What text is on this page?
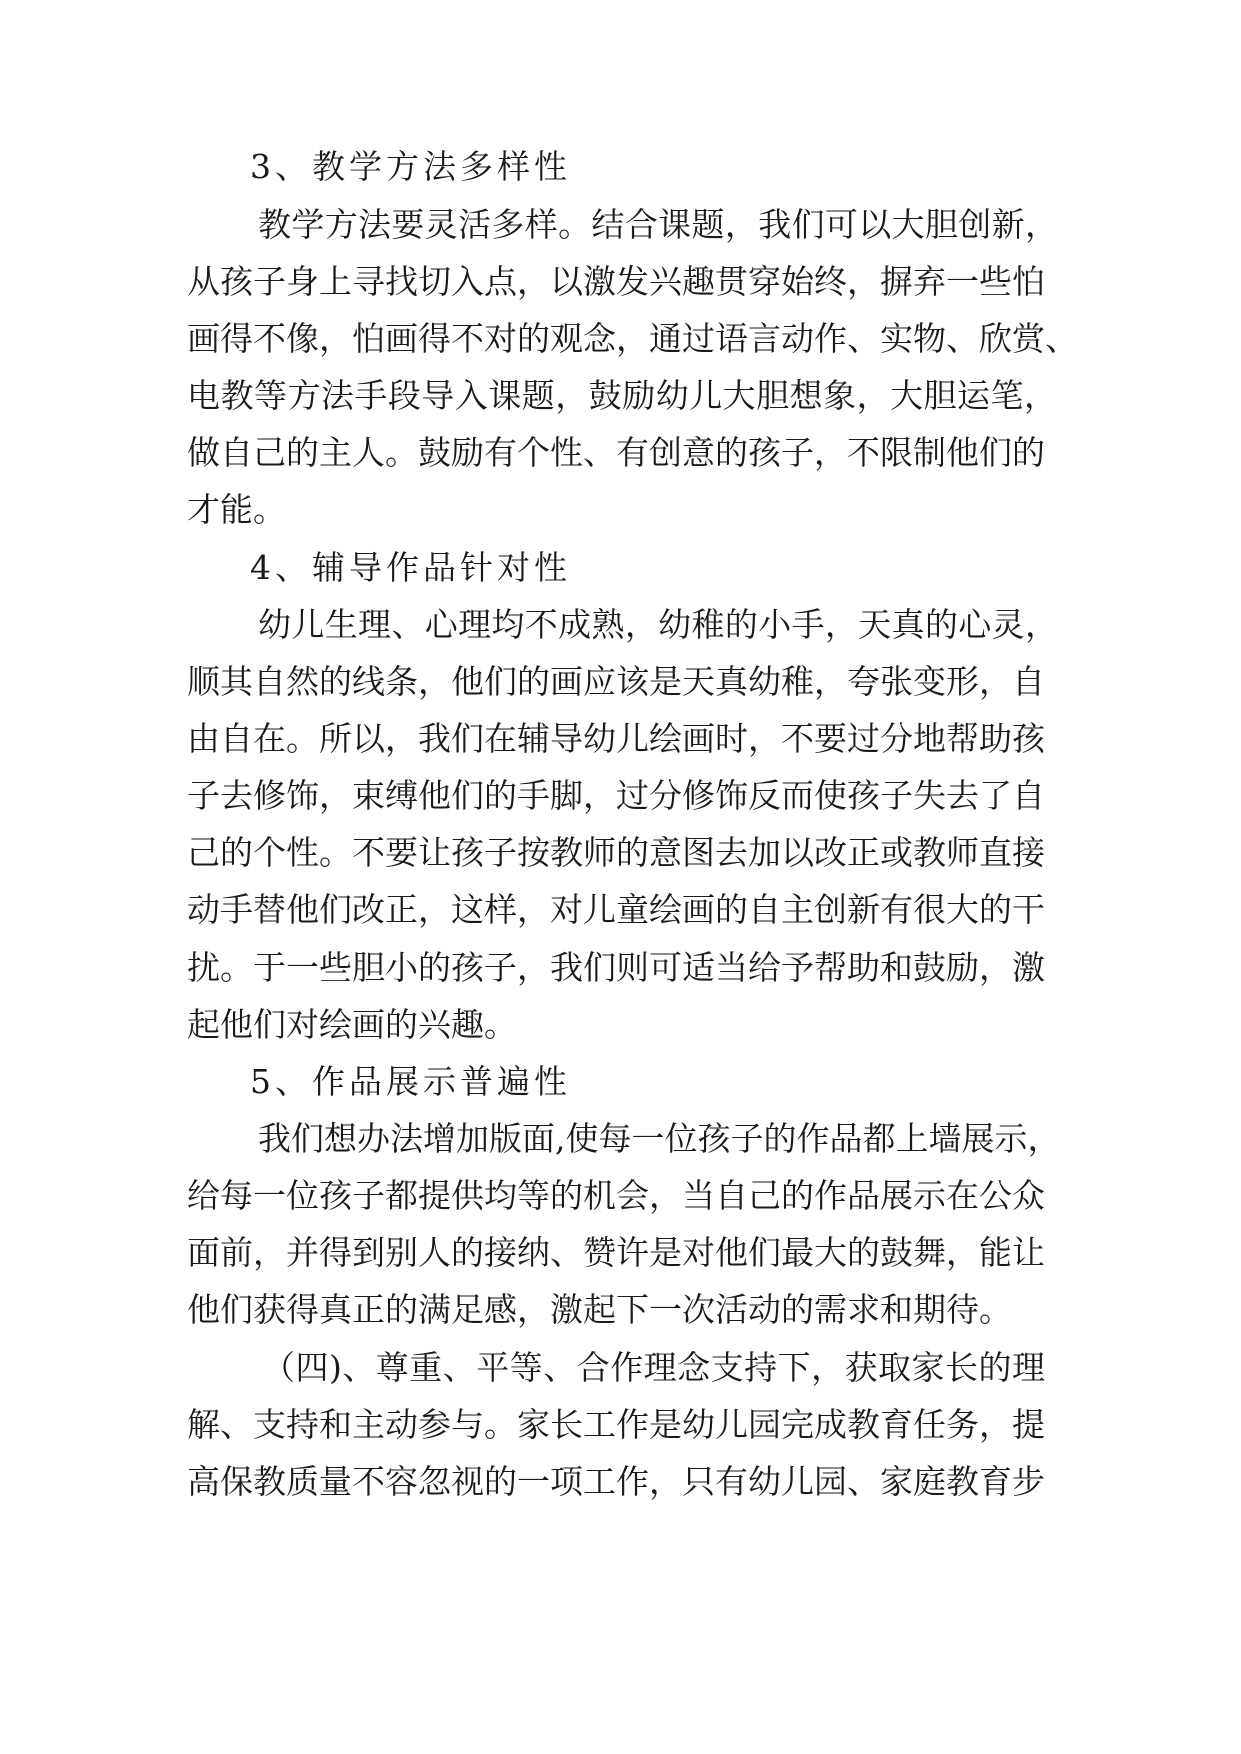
3、教学方法多样性
教学方法要灵活多样。结合课题，我们可以大胆创新，
从孩子身上寻找切入点，以激发兴趣贯穿始终，摒弃一些怕
画得不像，怕画得不对的观念，通过语言动作、实物、欣赏、
电教等方法手段导入课题，鼓励幼儿大胆想象，大胆运笔，
做自己的主人。鼓励有个性、有创意的孩子，不限制他们的
才能。
4、辅导作品针对性
幼儿生理、心理均不成熟，幼稚的小手，天真的心灵，
顺其自然的线条，他们的画应该是天真幼稚，夸张变形，自
由自在。所以，我们在辅导幼儿绘画时，不要过分地帮助孩
子去修饰，束缚他们的手脚，过分修饰反而使孩子失去了自
己的个性。不要让孩子按教师的意图去加以改正或教师直接
动手替他们改正，这样，对儿童绘画的自主创新有很大的干
扰。于一些胆小的孩子，我们则可适当给予帮助和鼓励，激
起他们对绘画的兴趣。
5、作品展示普遍性
我们想办法增加版面,使每一位孩子的作品都上墙展示，
给每一位孩子都提供均等的机会，当自己的作品展示在公众
面前，并得到别人的接纳、赞许是对他们最大的鼓舞，能让
他们获得真正的满足感，激起下一次活动的需求和期待。
（四)、尊重、平等、合作理念支持下，获取家长的理
解、支持和主动参与。家长工作是幼儿园完成教育任务，提
高保教质量不容忽视的一项工作，只有幼儿园、家庭教育步
